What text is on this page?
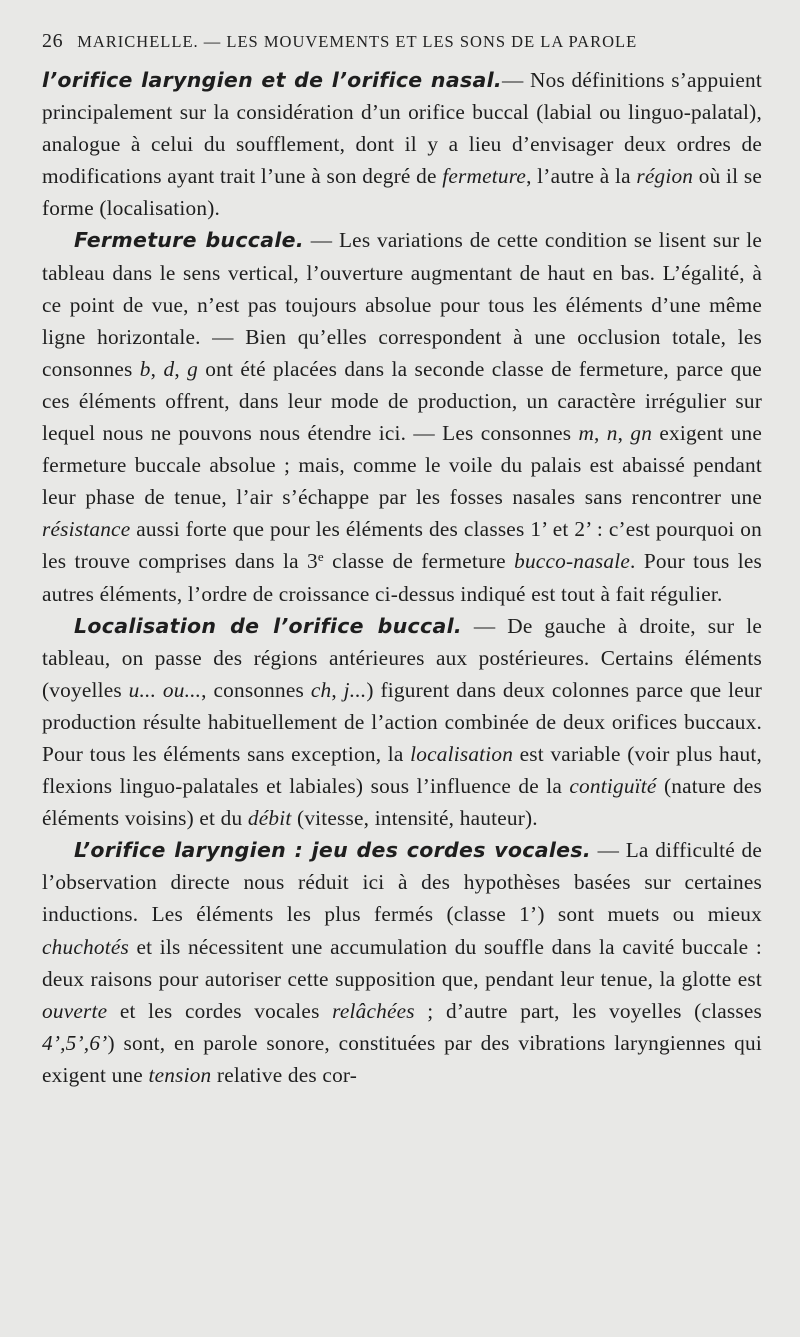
26 MARICHELLE. — LES MOUVEMENTS ET LES SONS DE LA PAROLE

l’orifice laryngien et de l’orifice nasal.— Nos définitions s’appuient principalement sur la considération d’un orifice buccal (labial ou linguo-palatal), analogue à celui du soufflement, dont il y a lieu d’envisager deux ordres de modifications ayant trait l’une à son degré de fermeture, l’autre à la région où il se forme (localisation).

Fermeture buccale. — Les variations de cette condition se lisent sur le tableau dans le sens vertical, l’ouverture augmentant de haut en bas. L’égalité, à ce point de vue, n’est pas toujours absolue pour tous les éléments d’une même ligne horizontale. — Bien qu’elles correspondent à une occlusion totale, les consonnes b, d, g ont été placées dans la seconde classe de fermeture, parce que ces éléments offrent, dans leur mode de production, un caractère irrégulier sur lequel nous ne pouvons nous étendre ici. — Les consonnes m, n, gn exigent une fermeture buccale absolue ; mais, comme le voile du palais est abaissé pendant leur phase de tenue, l’air s’échappe par les fosses nasales sans rencontrer une résistance aussi forte que pour les éléments des classes 1’ et 2’ : c’est pourquoi on les trouve comprises dans la 3e classe de fermeture bucco-nasale. Pour tous les autres éléments, l’ordre de croissance ci-dessus indiqué est tout à fait régulier.

Localisation de l’orifice buccal. — De gauche à droite, sur le tableau, on passe des régions antérieures aux postérieures. Certains éléments (voyelles u... ou..., consonnes ch, j...) figurent dans deux colonnes parce que leur production résulte habituellement de l’action combinée de deux orifices buccaux. Pour tous les éléments sans exception, la localisation est variable (voir plus haut, flexions linguo-palatales et labiales) sous l’influence de la contiguïté (nature des éléments voisins) et du débit (vitesse, intensité, hauteur).

L’orifice laryngien : jeu des cordes vocales. — La difficulté de l’observation directe nous réduit ici à des hypothèses basées sur certaines inductions. Les éléments les plus fermés (classe 1’) sont muets ou mieux chuchotés et ils nécessitent une accumulation du souffle dans la cavité buccale : deux raisons pour autoriser cette supposition que, pendant leur tenue, la glotte est ouverte et les cordes vocales relâchées ; d’autre part, les voyelles (classes 4’,5’,6’) sont, en parole sonore, constituées par des vibrations laryngiennes qui exigent une tension relative des cor-
